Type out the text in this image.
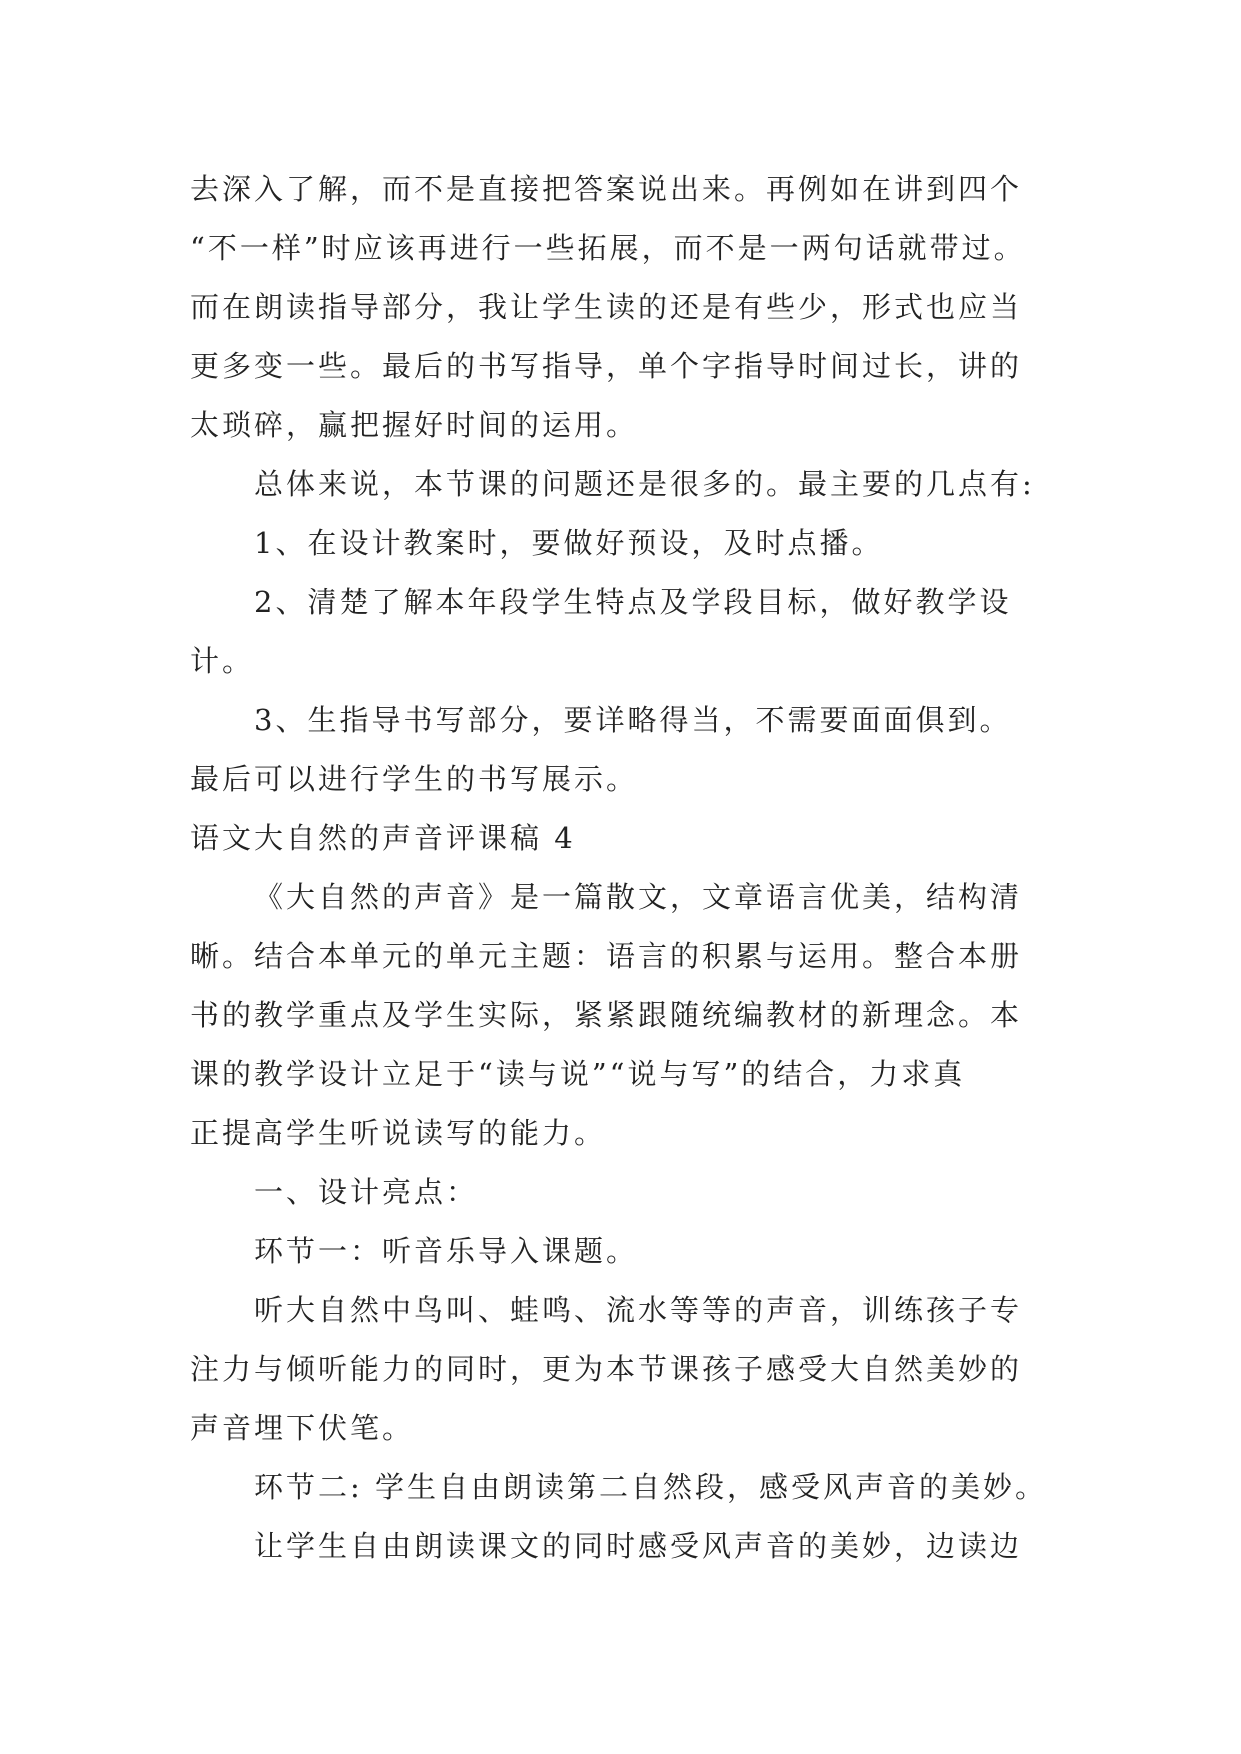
去深入了解，而不是直接把答案说出来。再例如在讲到四个
“不一样”时应该再进行一些拓展，而不是一两句话就带过。
而在朗读指导部分，我让学生读的还是有些少，形式也应当
更多变一些。最后的书写指导，单个字指导时间过长，讲的
太琐碎，赢把握好时间的运用。
总体来说，本节课的问题还是很多的。最主要的几点有:
1、在设计教案时，要做好预设，及时点播。
2、清楚了解本年段学生特点及学段目标，做好教学设
计。
3、生指导书写部分，要详略得当，不需要面面俱到。
最后可以进行学生的书写展示。
语文大自然的声音评课稿 4
《大自然的声音》是一篇散文，文章语言优美，结构清
晰。结合本单元的单元主题：语言的积累与运用。整合本册
书的教学重点及学生实际，紧紧跟随统编教材的新理念。本
课的教学设计立足于“读与说”“说与写”的结合，力求真
正提高学生听说读写的能力。
一、设计亮点：
环节一：听音乐导入课题。
听大自然中鸟叫、蛙鸣、流水等等的声音，训练孩子专
注力与倾听能力的同时，更为本节课孩子感受大自然美妙的
声音埋下伏笔。
环节二: 学生自由朗读第二自然段，感受风声音的美妙。
让学生自由朗读课文的同时感受风声音的美妙，边读边
